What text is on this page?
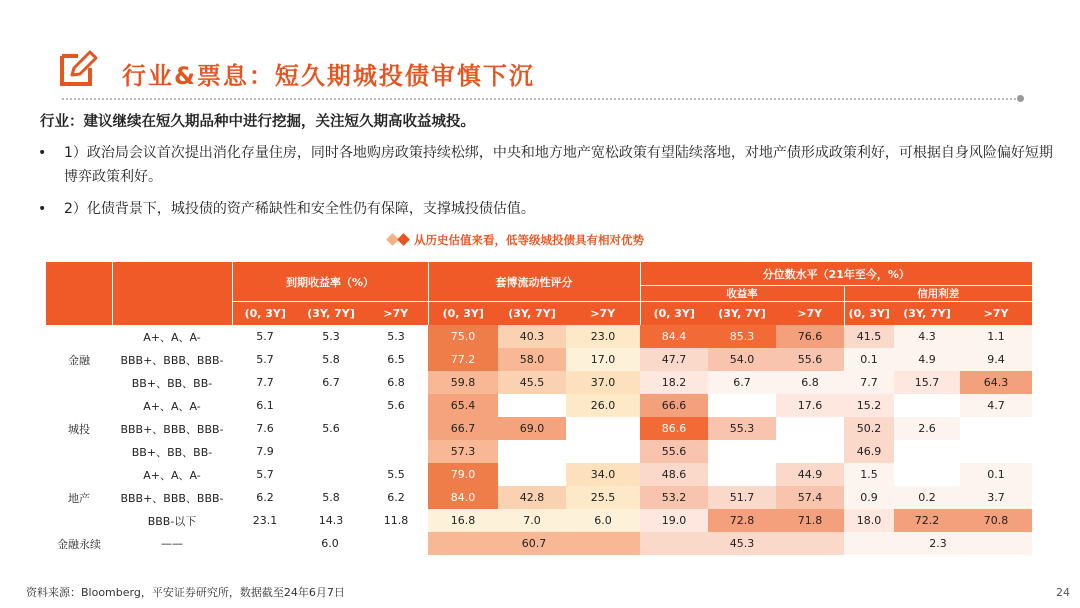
行业&票息：短久期城投债审慎下沉
行业：建议继续在短久期品种中进行挖掘，关注短久期高收益城投。
• 1）政治局会议首次提出消化存量住房，同时各地购房政策持续松绑，中央和地方地产宽松政策有望陆续落地，对地产债形成政策利好，可根据自身风险偏好短期博弈政策利好。
• 2）化债背景下，城投债的资产稀缺性和安全性仍有保障，支撑城投债估值。
从历史估值来看，低等级城投债具有相对优势
		到期收益率（%）			套博流动性评分			分位数水平（21年至今，%）					
								收益率			信用利差		
		(0, 3Y]	(3Y, 7Y]	>7Y	(0, 3Y]	(3Y, 7Y]	>7Y	(0, 3Y]	(3Y, 7Y]	>7Y	(0, 3Y]	(3Y, 7Y]	>7Y
金融	A+、A、A-	5.7	5.3	5.3	75.0	40.3	23.0	84.4	85.3	76.6	41.5	4.3	1.1
	BBB+、BBB、BBB-	5.7	5.8	6.5	77.2	58.0	17.0	47.7	54.0	55.6	0.1	4.9	9.4
	BB+、BB、BB-	7.7	6.7	6.8	59.8	45.5	37.0	18.2	6.7	6.8	7.7	15.7	64.3
城投	A+、A、A-	6.1		5.6	65.4		26.0	66.6		17.6	15.2		4.7
	BBB+、BBB、BBB-	7.6	5.6		66.7	69.0		86.6	55.3		50.2	2.6	
	BB+、BB、BB-	7.9			57.3			55.6			46.9		
地产	A+、A、A-	5.7		5.5	79.0		34.0	48.6		44.9	1.5		0.1
	BBB+、BBB、BBB-	6.2	5.8	6.2	84.0	42.8	25.5	53.2	51.7	57.4	0.9	0.2	3.7
	BBB-以下	23.1	14.3	11.8	16.8	7.0	6.0	19.0	72.8	71.8	18.0	72.2	70.8
金融永续	——	6.0			60.7			45.3			2.3		
资料来源：Bloomberg，平安证券研究所，数据截至24年6月7日	24
